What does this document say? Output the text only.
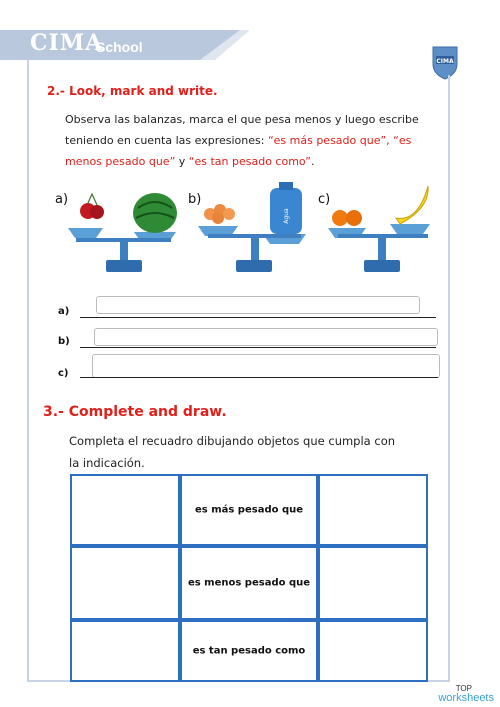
CIMA
School
CIMA
2.- Look, mark and write.
Observa las balanzas, marca el que pesa menos y luego escribe
teniendo en cuenta las expresiones: “es más pesado que”, “es
menos pesado que” y “es tan pesado como”.
Agua
a)	b)	c)
a)
b)
c)
3.- Complete and draw.
Completa el recuadro dibujando objetos que cumpla con
la indicación.
es más pesado que
es menos pesado que
es tan pesado como
TOP
worksheets
